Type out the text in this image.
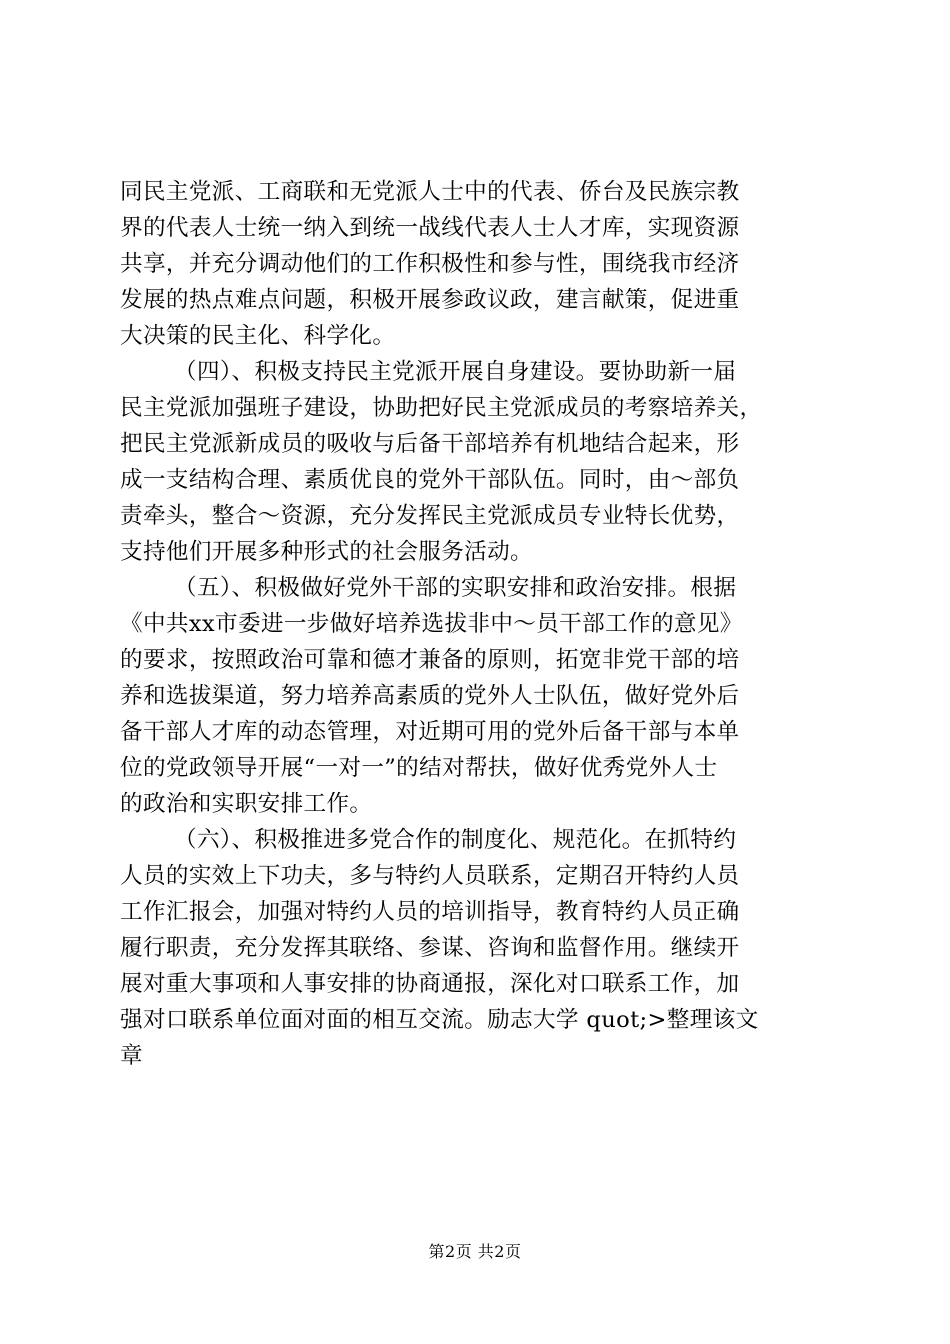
同民主党派、工商联和无党派人士中的代表、侨台及民族宗教
界的代表人士统一纳入到统一战线代表人士人才库，实现资源
共享，并充分调动他们的工作积极性和参与性，围绕我市经济
发展的热点难点问题，积极开展参政议政，建言献策，促进重
大决策的民主化、科学化。
（四）、积极支持民主党派开展自身建设。要协助新一届
民主党派加强班子建设，协助把好民主党派成员的考察培养关，
把民主党派新成员的吸收与后备干部培养有机地结合起来，形
成一支结构合理、素质优良的党外干部队伍。同时，由～部负
责牵头，整合～资源，充分发挥民主党派成员专业特长优势，
支持他们开展多种形式的社会服务活动。
（五）、积极做好党外干部的实职安排和政治安排。根据
《中共xx市委进一步做好培养选拔非中～员干部工作的意见》
的要求，按照政治可靠和德才兼备的原则，拓宽非党干部的培
养和选拔渠道，努力培养高素质的党外人士队伍，做好党外后
备干部人才库的动态管理，对近期可用的党外后备干部与本单
位的党政领导开展“一对一”的结对帮扶，做好优秀党外人士
的政治和实职安排工作。
（六）、积极推进多党合作的制度化、规范化。在抓特约
人员的实效上下功夫，多与特约人员联系，定期召开特约人员
工作汇报会，加强对特约人员的培训指导，教育特约人员正确
履行职责，充分发挥其联络、参谋、咨询和监督作用。继续开
展对重大事项和人事安排的协商通报，深化对口联系工作，加
强对口联系单位面对面的相互交流。励志大学 quot;>整理该文
章
第2页 共2页
